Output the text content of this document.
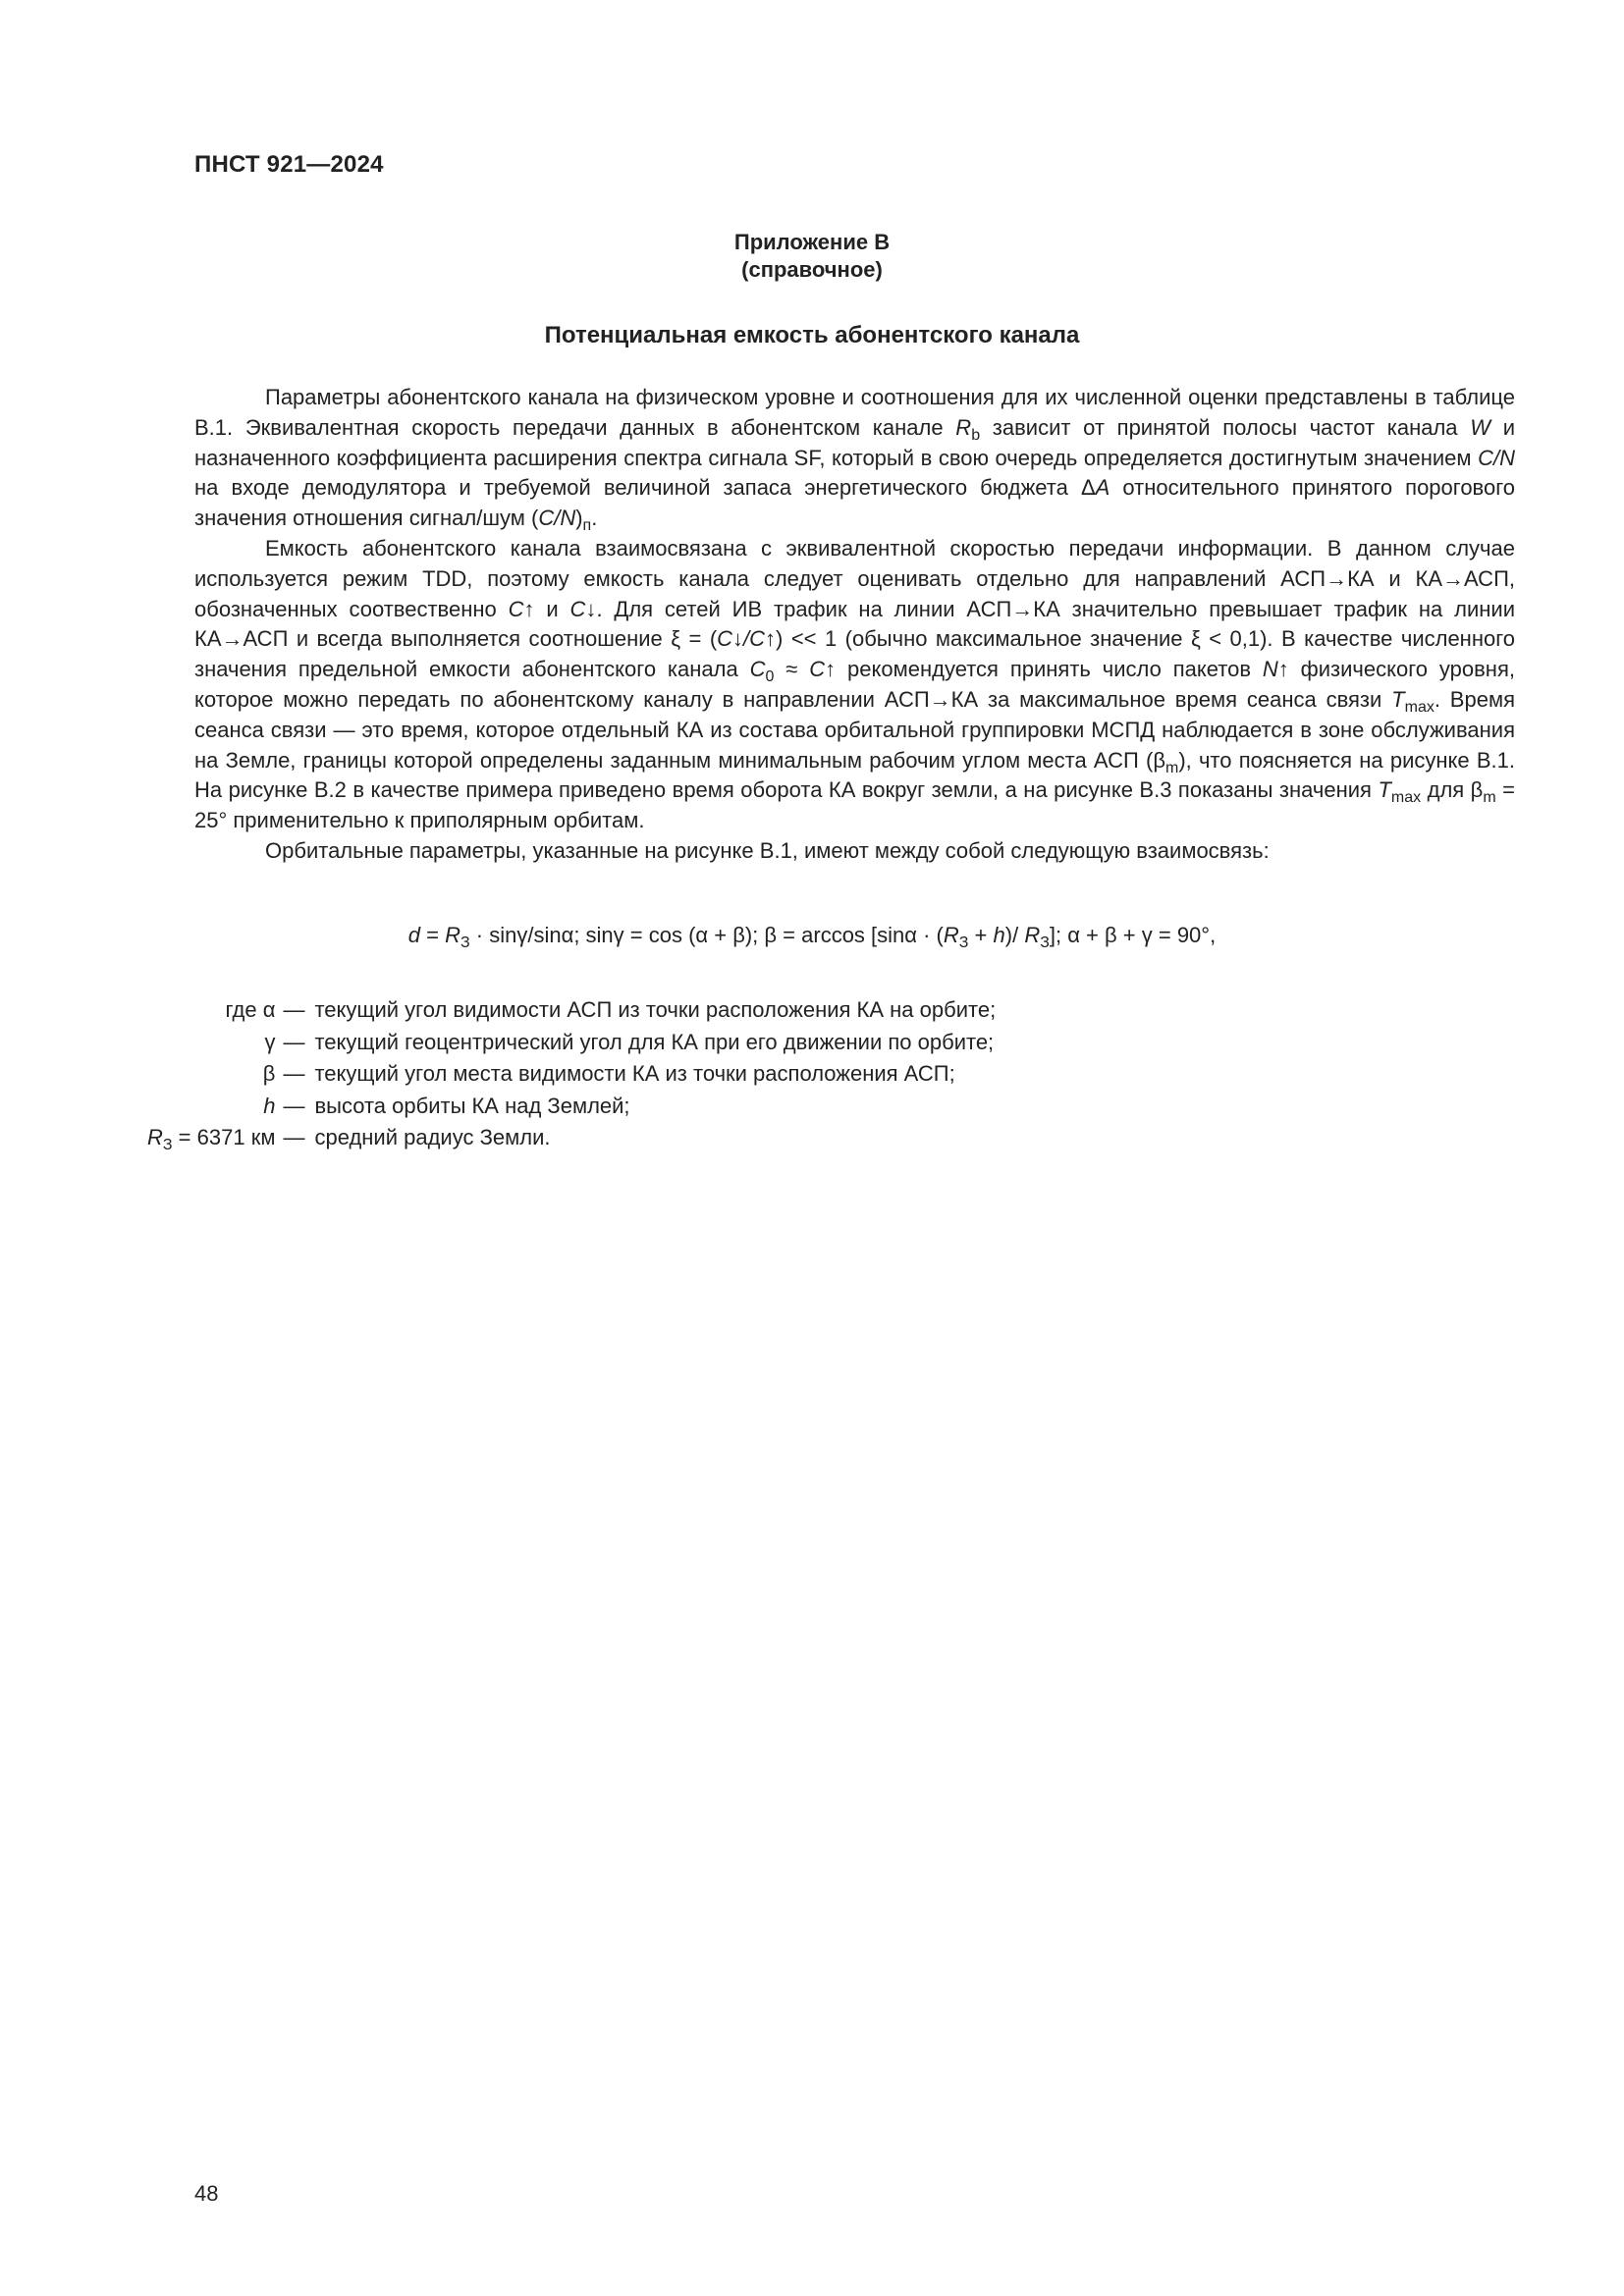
ПНСТ 921—2024
Приложение В
(справочное)
Потенциальная емкость абонентского канала

Параметры абонентского канала на физическом уровне и соотношения для их численной оценки представлены в таблице В.1. Эквивалентная скорость передачи данных в абонентском канале $R_b$ зависит от принятой полосы частот канала W и назначенного коэффициента расширения спектра сигнала SF, который в свою очередь определяется достигнутым значением C/N на входе демодулятора и требуемой величиной запаса энергетического бюджета ΔA относительного принятого порогового значения отношения сигнал/шум $(C/N)_п$.

Емкость абонентского канала взаимосвязана с эквивалентной скоростью передачи информации. В данном случае используется режим TDD, поэтому емкость канала следует оценивать отдельно для направлений АСП→КА и КА→АСП, обозначенных соотвественно C↑ и C↓. Для сетей ИВ трафик на линии АСП→КА значительно превышает трафик на линии КА→АСП и всегда выполняется соотношение ξ = (C↓/C↑) << 1 (обычно максимальное значение ξ < 0,1). В качестве численного значения предельной емкости абонентского канала $C_0$ ≈ C↑ рекомендуется принять число пакетов N↑ физического уровня, которое можно передать по абонентскому каналу в направлении АСП→КА за максимальное время сеанса связи $T_{max}$. Время сеанса связи — это время, которое отдельный КА из состава орбитальной группировки МСПД наблюдается в зоне обслуживания на Земле, границы которой определены заданным минимальным рабочим углом места АСП $(\beta_m)$, что поясняется на рисунке В.1. На рисунке В.2 в качестве примера приведено время оборота КА вокруг земли, а на рисунке В.3 показаны значения $T_{max}$ для $\beta_m = 25^\circ$ применительно к приполярным орбитам.

Орбитальные параметры, указанные на рисунке В.1, имеют между собой следующую взаимосвязь:

$d = R_З \cdot \sin\gamma/\sin\alpha$; sinγ = cos (α + β); $\beta = \arccos [\sin\alpha \cdot (R_З + h)/$ $R_З$]; α + β + γ = 90°,
где α	—	текущий угол видимости АСП из точки расположения КА на орбите;
γ	—	текущий геоцентрический угол для КА при его движении по орбите;
β	—	текущий угол места видимости КА из точки расположения АСП;
h	—	высота орбиты КА над Землей;
$R_З = 6371$ км	—	средний радиус Земли.
48
